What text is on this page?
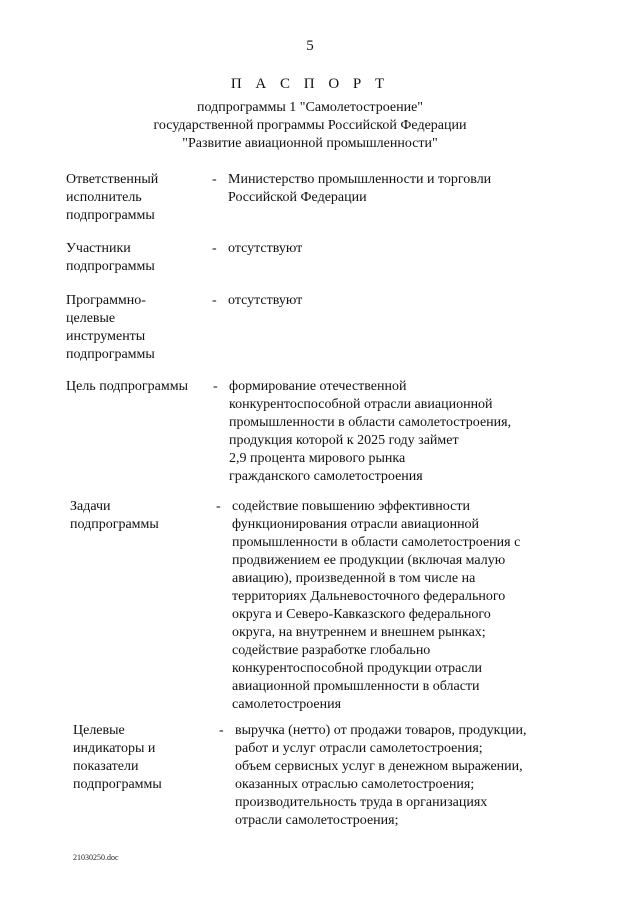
5
П А С П О Р Т
подпрограммы 1 "Самолетостроение"
государственной программы Российской Федерации
"Развитие авиационной промышленности"
Ответственный
исполнитель
подпрограммы
- Министерство промышленности и торговли
Российской Федерации
Участники
подпрограммы
- отсутствуют
Программно-
целевые
инструменты
подпрограммы
- отсутствуют
Цель подпрограммы - формирование отечественной
конкурентоспособной отрасли авиационной
промышленности в области самолетостроения,
продукция которой к 2025 году займет
2,9 процента мирового рынка
гражданского самолетостроения
Задачи
подпрограммы
- содействие повышению эффективности
функционирования отрасли авиационной
промышленности в области самолетостроения с
продвижением ее продукции (включая малую
авиацию), произведенной в том числе на
территориях Дальневосточного федерального
округа и Северо-Кавказского федерального
округа, на внутреннем и внешнем рынках;
содействие разработке глобально
конкурентоспособной продукции отрасли
авиационной промышленности в области
самолетостроения
Целевые
индикаторы и
показатели
подпрограммы
- выручка (нетто) от продажи товаров, продукции,
работ и услуг отрасли самолетостроения;
объем сервисных услуг в денежном выражении,
оказанных отраслью самолетостроения;
производительность труда в организациях
отрасли самолетостроения;
21030250.doc
